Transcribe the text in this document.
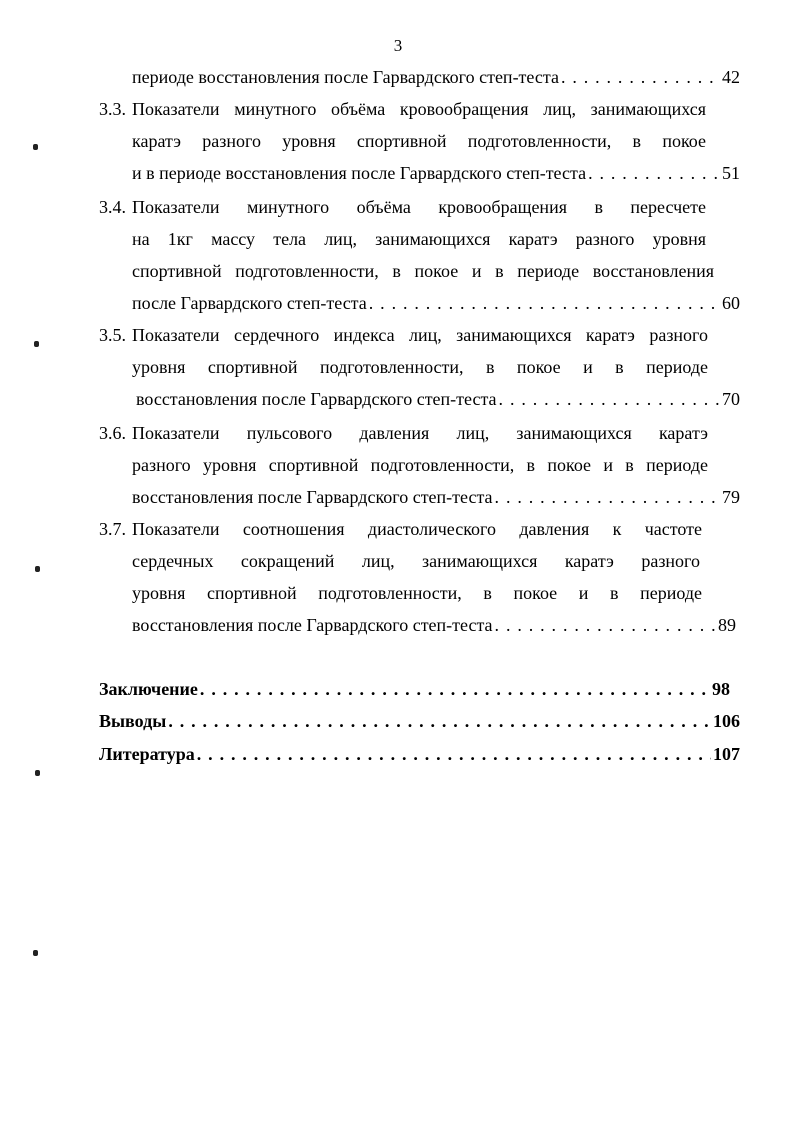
3
периоде восстановления после Гарвардского степ-теста . . .	42
3.3. Показатели минутного объёма кровообращения лиц, занимающихся
каратэ разного уровня спортивной подготовленности, в покое
и в периоде восстановления после Гарвардского степ-теста . . .	51
3.4. Показатели минутного объёма кровообращения в пересчете
на 1кг массу тела лиц, занимающихся каратэ разного уровня
спортивной подготовленности, в покое и в периоде восстановления
после Гарвардского степ-теста . . .	60
3.5. Показатели сердечного индекса лиц, занимающихся каратэ разного
уровня спортивной подготовленности, в покое и в периоде
восстановления после Гарвардского степ-теста . . .	70
3.6. Показатели пульсового давления лиц, занимающихся каратэ
разного уровня спортивной подготовленности, в покое и в периоде
восстановления после Гарвардского степ-теста . . .	79
3.7. Показатели соотношения диастолического давления к частоте
сердечных сокращений лиц, занимающихся каратэ разного
уровня спортивной подготовленности, в покое и в периоде
восстановления после Гарвардского степ-теста . . .	89
Заключение . . .	98
Выводы . . .	106
Литература . . .	107
